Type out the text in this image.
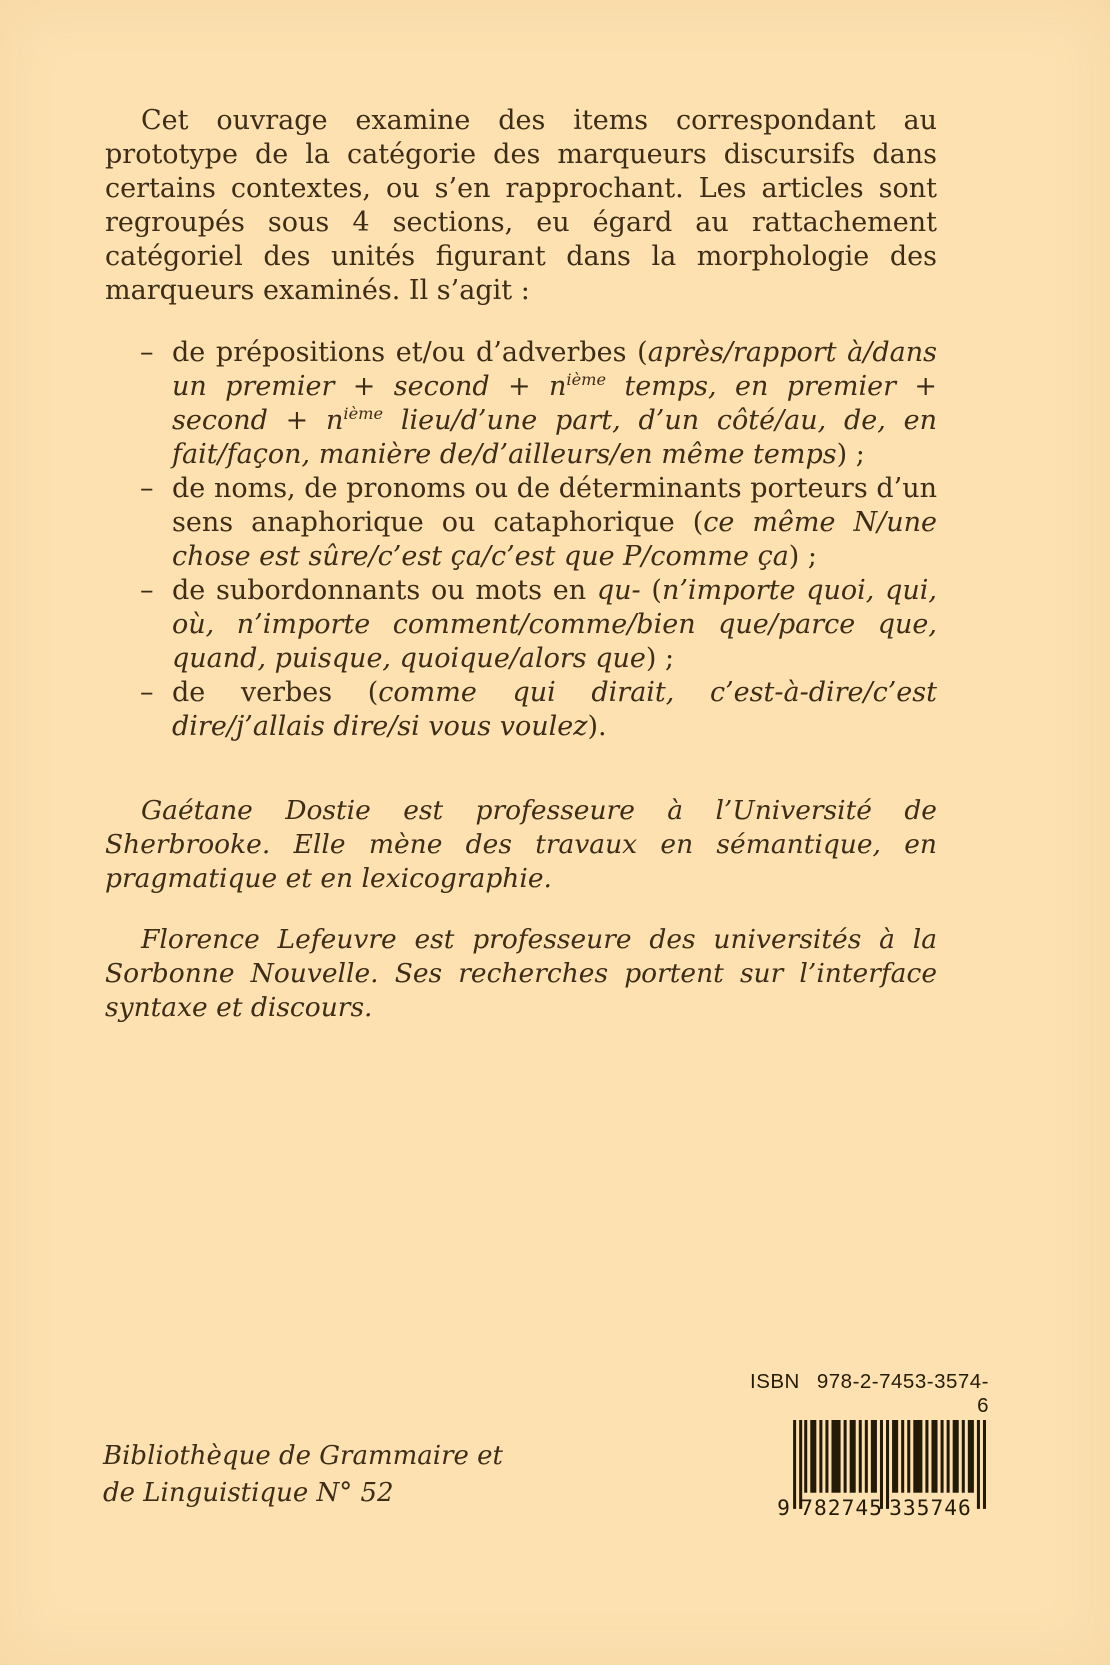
Cet ouvrage examine des items correspondant au prototype de la catégorie des marqueurs discursifs dans certains contextes, ou s’en rapprochant. Les articles sont regroupés sous 4 sections, eu égard au rattachement catégoriel des unités figurant dans la morphologie des marqueurs examinés. Il s’agit :

– de prépositions et/ou d’adverbes (après/rapport à/dans un premier + second + $n^{ième}$ temps, en premier + second + $n^{ième}$ lieu/d’une part, d’un côté/au, de, en fait/façon, manière de/d’ailleurs/en même temps) ;
– de noms, de pronoms ou de déterminants porteurs d’un sens anaphorique ou cataphorique (ce même N/une chose est sûre/c’est ça/c’est que P/comme ça) ;
– de subordonnants ou mots en qu- (n’importe quoi, qui, où, n’importe comment/comme/bien que/parce que, quand, puisque, quoique/alors que) ;
– de verbes (comme qui dirait, c’est-à-dire/c’est dire/j’allais dire/si vous voulez).

Gaétane Dostie est professeure à l’Université de Sherbrooke. Elle mène des travaux en sémantique, en pragmatique et en lexicographie.

Florence Lefeuvre est professeure des universités à la Sorbonne Nouvelle. Ses recherches portent sur l’interface syntaxe et discours.

Bibliothèque de Grammaire et
de Linguistique N° 52
ISBN 978-2-7453-3574-6
9 782745 335746
